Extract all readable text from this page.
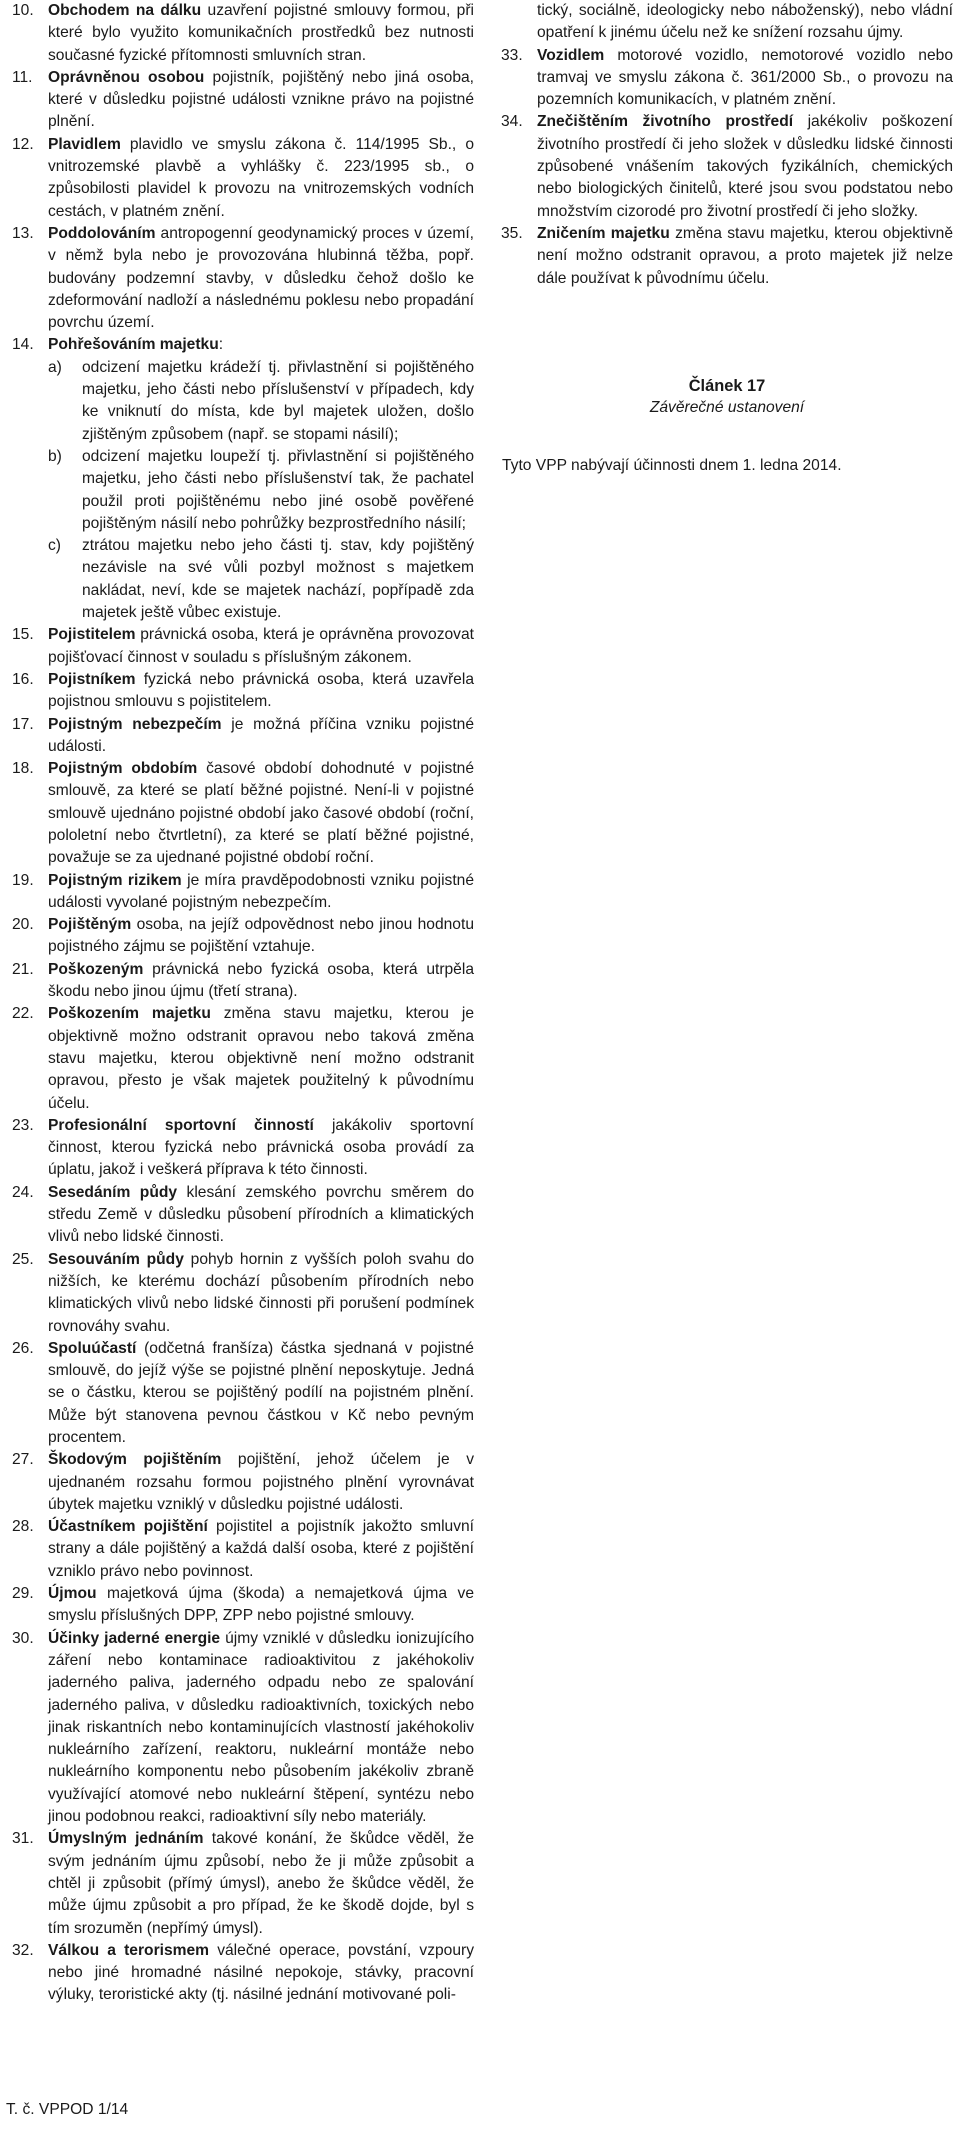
10. Obchodem na dálku uzavření pojistné smlouvy formou, při které bylo využito komunikačních prostředků bez nutnosti současné fyzické přítomnosti smluvních stran.
11. Oprávněnou osobou pojistník, pojištěný nebo jiná osoba, které v důsledku pojistné události vznikne právo na pojistné plnění.
12. Plavidlem plavidlo ve smyslu zákona č. 114/1995 Sb., o vnitrozemské plavbě a vyhlášky č. 223/1995 sb., o způsobilosti plavidel k provozu na vnitrozemských vodních cestách, v platném znění.
13. Poddolováním antropogenní geodynamický proces v území, v němž byla nebo je provozována hlubinná těžba, popř. budovány podzemní stavby, v důsledku čehož došlo ke zdeformování nadloží a následnému poklesu nebo propadání povrchu území.
14. Pohřešováním majetku:
a) odcizení majetku krádeží tj. přivlastnění si pojištěného majetku, jeho části nebo příslušenství v případech, kdy ke vniknutí do místa, kde byl majetek uložen, došlo zjištěným způsobem (např. se stopami násilí);
b) odcizení majetku loupeží tj. přivlastnění si pojištěného majetku, jeho části nebo příslušenství tak, že pachatel použil proti pojištěnému nebo jiné osobě pověřené pojištěným násilí nebo pohrůžky bezprostředního násilí;
c) ztrátou majetku nebo jeho části tj. stav, kdy pojištěný nezávisle na své vůli pozbyl možnost s majetkem nakládat, neví, kde se majetek nachází, popřípadě zda majetek ještě vůbec existuje.
15. Pojistitelem právnická osoba, která je oprávněna provozovat pojišťovací činnost v souladu s příslušným zákonem.
16. Pojistníkem fyzická nebo právnická osoba, která uzavřela pojistnou smlouvu s pojistitelem.
17. Pojistným nebezpečím je možná příčina vzniku pojistné události.
18. Pojistným obdobím časové období dohodnuté v pojistné smlouvě, za které se platí běžné pojistné. Není-li v pojistné smlouvě ujednáno pojistné období jako časové období (roční, pololetní nebo čtvrtletní), za které se platí běžné pojistné, považuje se za ujednané pojistné období roční.
19. Pojistným rizikem je míra pravděpodobnosti vzniku pojistné události vyvolané pojistným nebezpečím.
20. Pojištěným osoba, na jejíž odpovědnost nebo jinou hodnotu pojistného zájmu se pojištění vztahuje.
21. Poškozeným právnická nebo fyzická osoba, která utrpěla škodu nebo jinou újmu (třetí strana).
22. Poškozením majetku změna stavu majetku, kterou je objektivně možno odstranit opravou nebo taková změna stavu majetku, kterou objektivně není možno odstranit opravou, přesto je však majetek použitelný k původnímu účelu.
23. Profesionální sportovní činností jakákoliv sportovní činnost, kterou fyzická nebo právnická osoba provádí za úplatu, jakož i veškerá příprava k této činnosti.
24. Sesedáním půdy klesání zemského povrchu směrem do středu Země v důsledku působení přírodních a klimatických vlivů nebo lidské činnosti.
25. Sesouváním půdy pohyb hornin z vyšších poloh svahu do nižších, ke kterému dochází působením přírodních nebo klimatických vlivů nebo lidské činnosti při porušení podmínek rovnováhy svahu.
26. Spoluúčastí (odčetná franšíza) částka sjednaná v pojistné smlouvě, do jejíž výše se pojistné plnění neposkytuje. Jedná se o částku, kterou se pojištěný podílí na pojistném plnění. Může být stanovena pevnou částkou v Kč nebo pevným procentem.
27. Škodovým pojištěním pojištění, jehož účelem je v ujednaném rozsahu formou pojistného plnění vyrovnávat úbytek majetku vzniklý v důsledku pojistné události.
28. Účastníkem pojištění pojistitel a pojistník jakožto smluvní strany a dále pojištěný a každá další osoba, které z pojištění vzniklo právo nebo povinnost.
29. Újmou majetková újma (škoda) a nemajetková újma ve smyslu příslušných DPP, ZPP nebo pojistné smlouvy.
30. Účinky jaderné energie újmy vzniklé v důsledku ionizujícího záření nebo kontaminace radioaktivitou z jakéhokoliv jaderného paliva, jaderného odpadu nebo ze spalování jaderného paliva, v důsledku radioaktivních, toxických nebo jinak riskantních nebo kontaminujících vlastností jakéhokoliv nukleárního zařízení, reaktoru, nukleární montáže nebo nukleárního komponentu nebo působením jakékoliv zbraně využívající atomové nebo nukleární štěpení, syntézu nebo jinou podobnou reakci, radioaktivní síly nebo materiály.
31. Úmyslným jednáním takové konání, že škůdce věděl, že svým jednáním újmu způsobí, nebo že ji může způsobit a chtěl ji způsobit (přímý úmysl), anebo že škůdce věděl, že může újmu způsobit a pro případ, že ke škodě dojde, byl s tím srozuměn (nepřímý úmysl).
32. Válkou a terorismem válečné operace, povstání, vzpoury nebo jiné hromadné násilné nepokoje, stávky, pracovní výluky, teroristické akty (tj. násilné jednání motivované poli-
tický, sociálně, ideologicky nebo náboženský), nebo vládní opatření k jinému účelu než ke snížení rozsahu újmy.
33. Vozidlem motorové vozidlo, nemotorové vozidlo nebo tramvaj ve smyslu zákona č. 361/2000 Sb., o provozu na pozemních komunikacích, v platném znění.
34. Znečištěním životního prostředí jakékoliv poškození životního prostředí či jeho složek v důsledku lidské činnosti způsobené vnášením takových fyzikálních, chemických nebo biologických činitelů, které jsou svou podstatou nebo množstvím cizorodé pro životní prostředí či jeho složky.
35. Zničením majetku změna stavu majetku, kterou objektivně není možno odstranit opravou, a proto majetek již nelze dále používat k původnímu účelu.
Článek 17
Závěrečné ustanovení
Tyto VPP nabývají účinnosti dnem 1. ledna 2014.
T. č. VPPOD 1/14
